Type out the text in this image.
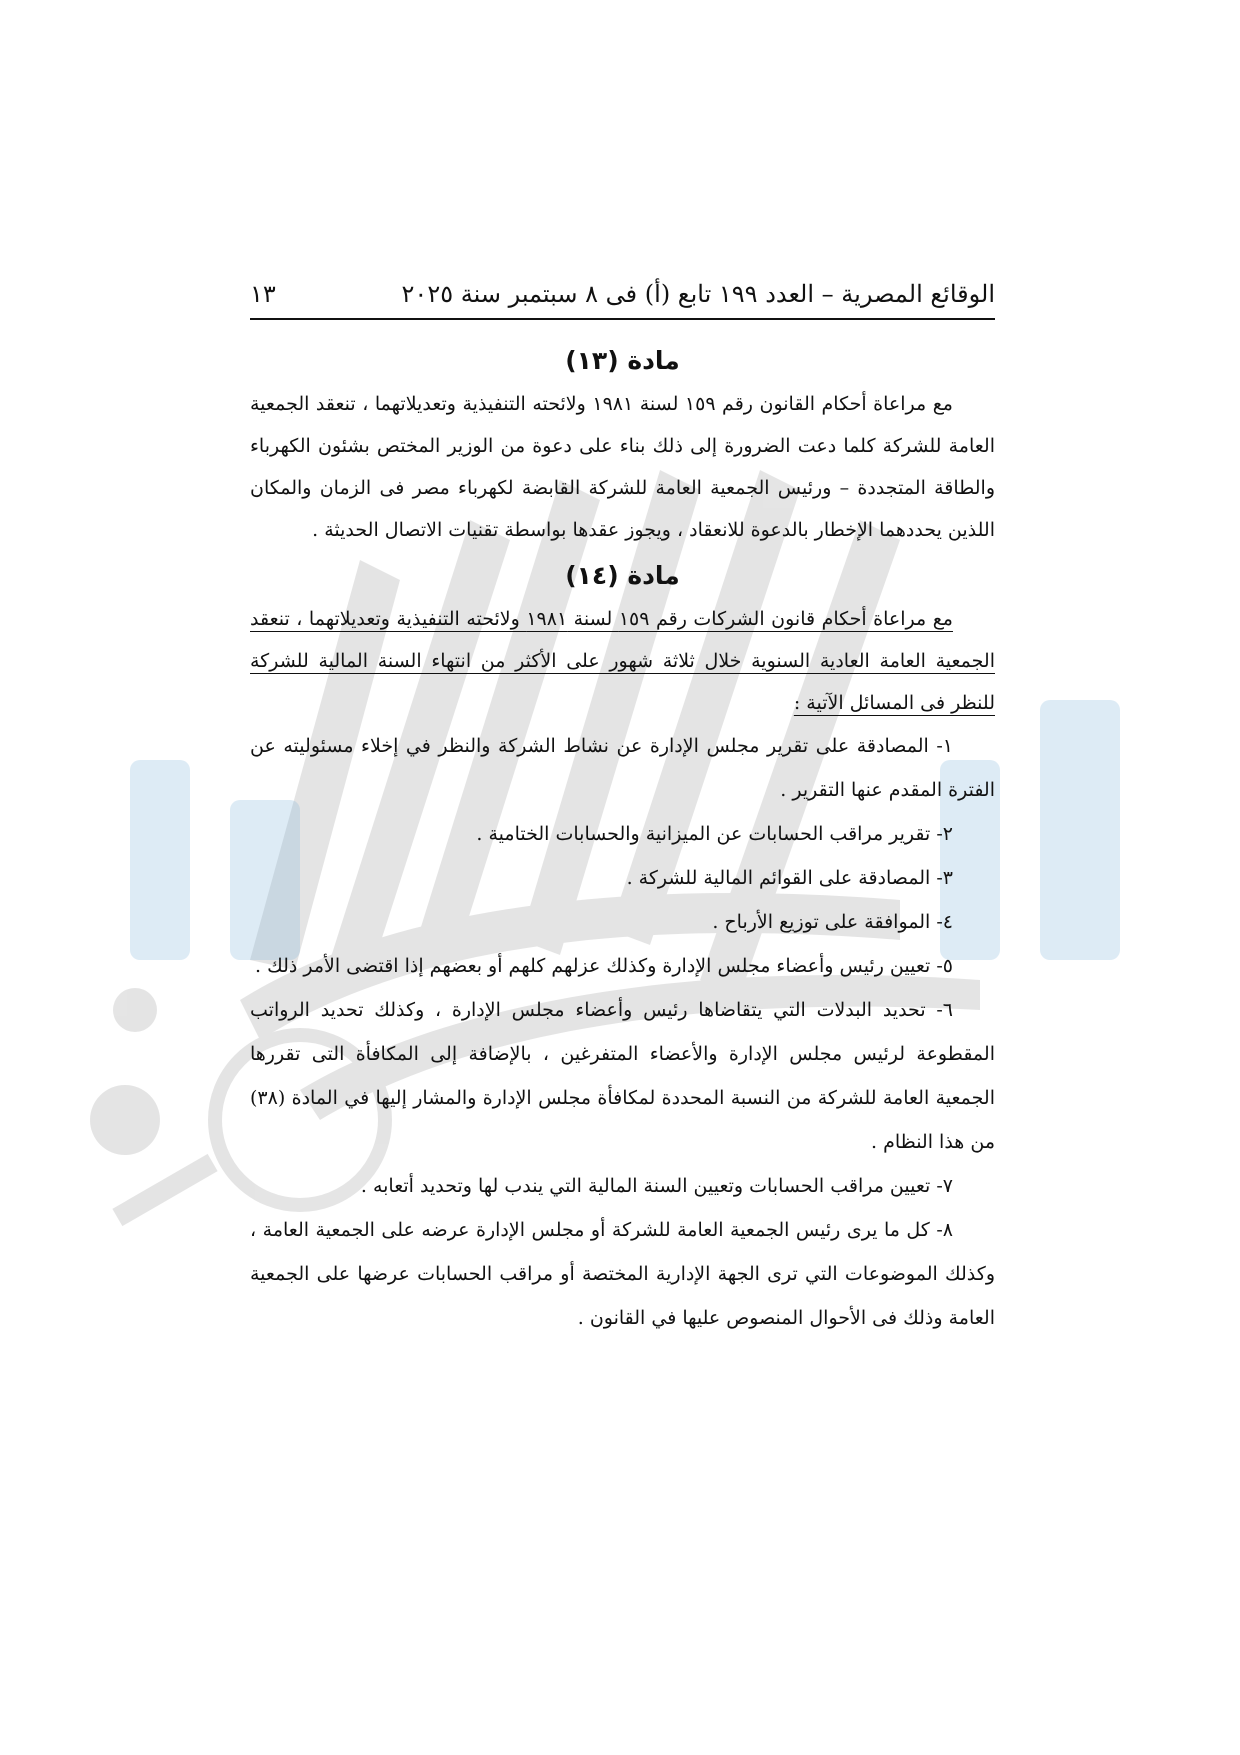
الوقائع المصرية – العدد ١٩٩ تابع (أ) فى ٨ سبتمبر سنة ٢٠٢٥
١٣
مادة (١٣)

مع مراعاة أحكام القانون رقم ١٥٩ لسنة ١٩٨١ ولائحته التنفيذية وتعديلاتهما ، تنعقد الجمعية العامة للشركة كلما دعت الضرورة إلى ذلك بناء على دعوة من الوزير المختص بشئون الكهرباء والطاقة المتجددة – ورئيس الجمعية العامة للشركة القابضة لكهرباء مصر فى الزمان والمكان اللذين يحددهما الإخطار بالدعوة للانعقاد ، ويجوز عقدها بواسطة تقنيات الاتصال الحديثة .

مادة (١٤)

مع مراعاة أحكام قانون الشركات رقم ١٥٩ لسنة ١٩٨١ ولائحته التنفيذية وتعديلاتهما ، تنعقد الجمعية العامة العادية السنوية خلال ثلاثة شهور على الأكثر من انتهاء السنة المالية للشركة للنظر فى المسائل الآتية :

١- المصادقة على تقرير مجلس الإدارة عن نشاط الشركة والنظر في إخلاء مسئوليته عن الفترة المقدم عنها التقرير .

٢- تقرير مراقب الحسابات عن الميزانية والحسابات الختامية .

٣- المصادقة على القوائم المالية للشركة .

٤- الموافقة على توزيع الأرباح .

٥- تعيين رئيس وأعضاء مجلس الإدارة وكذلك عزلهم كلهم أو بعضهم إذا اقتضى الأمر ذلك .

٦- تحديد البدلات التي يتقاضاها رئيس وأعضاء مجلس الإدارة ، وكذلك تحديد الرواتب المقطوعة لرئيس مجلس الإدارة والأعضاء المتفرغين ، بالإضافة إلى المكافأة التى تقررها الجمعية العامة للشركة من النسبة المحددة لمكافأة مجلس الإدارة والمشار إليها في المادة (٣٨) من هذا النظام .

٧- تعيين مراقب الحسابات وتعيين السنة المالية التي يندب لها وتحديد أتعابه .

٨- كل ما يرى رئيس الجمعية العامة للشركة أو مجلس الإدارة عرضه على الجمعية العامة ، وكذلك الموضوعات التي ترى الجهة الإدارية المختصة أو مراقب الحسابات عرضها على الجمعية العامة وذلك فى الأحوال المنصوص عليها في القانون .
